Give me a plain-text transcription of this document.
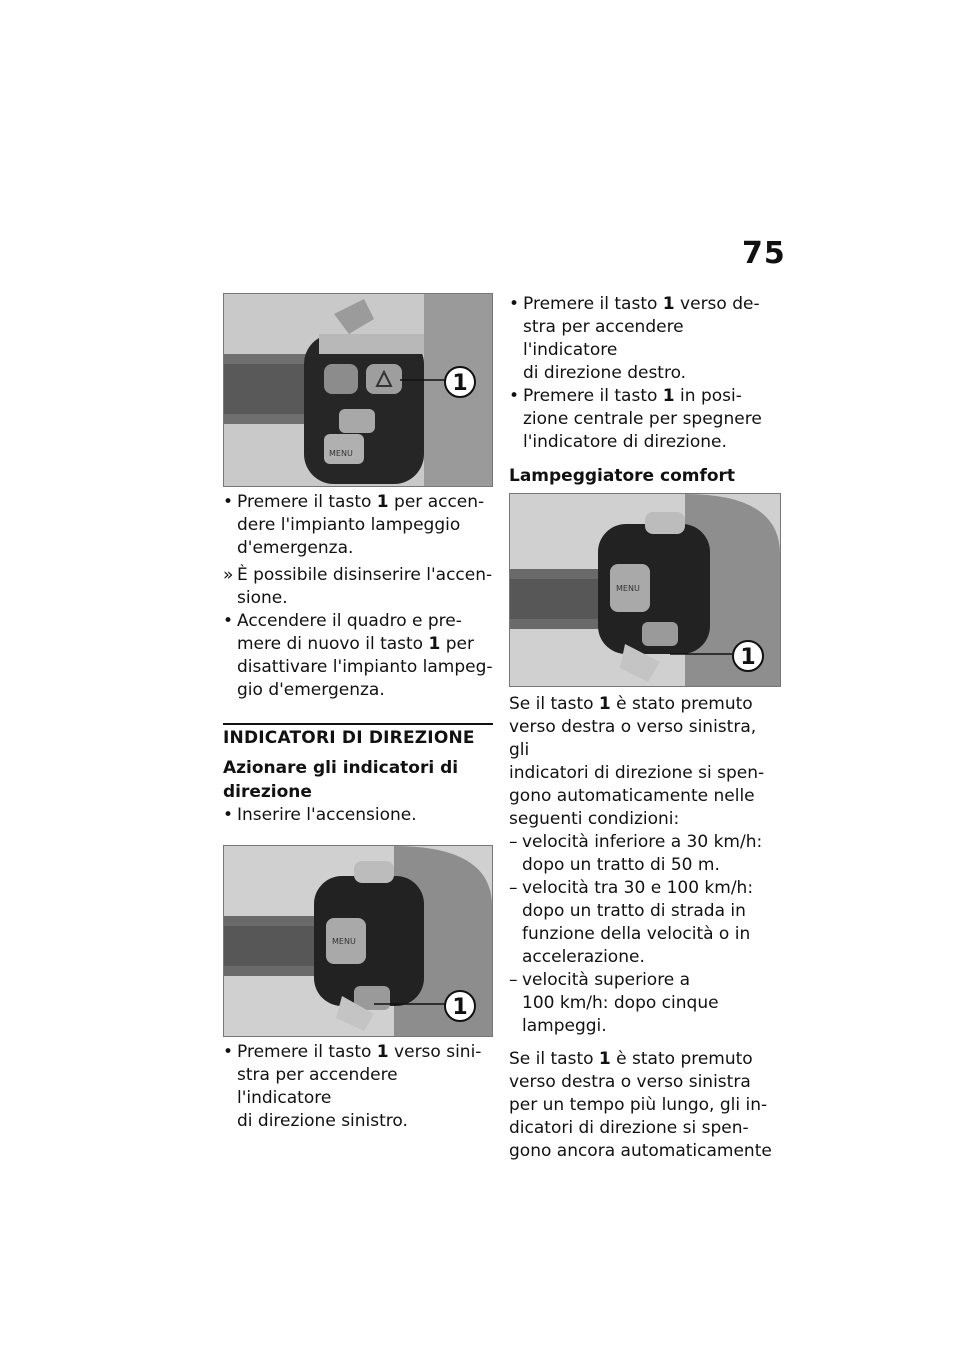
75
MENU
1

• Premere il tasto 1 per accen-
dere l'impianto lampeggio
d'emergenza.

» È possibile disinserire l'accen-
sione.

• Accendere il quadro e pre-
mere di nuovo il tasto 1 per
disattivare l'impianto lampeg-
gio d'emergenza.

INDICATORI DI DIREZIONE
Azionare gli indicatori di
direzione

• Inserire l'accensione.

MENU
1

• Premere il tasto 1 verso sini-
stra per accendere l'indicatore
di direzione sinistro.

• Premere il tasto 1 verso de-
stra per accendere l'indicatore
di direzione destro.

• Premere il tasto 1 in posi-
zione centrale per spegnere
l'indicatore di direzione.

Lampeggiatore comfort
MENU
1

Se il tasto 1 è stato premuto
verso destra o verso sinistra, gli
indicatori di direzione si spen-
gono automaticamente nelle
seguenti condizioni:

– velocità inferiore a 30 km/h:
dopo un tratto di 50 m.

– velocità tra 30 e 100 km/h:
dopo un tratto di strada in
funzione della velocità o in
accelerazione.

– velocità superiore a
100 km/h: dopo cinque
lampeggi.

Se il tasto 1 è stato premuto
verso destra o verso sinistra
per un tempo più lungo, gli in-
dicatori di direzione si spen-
gono ancora automaticamente
